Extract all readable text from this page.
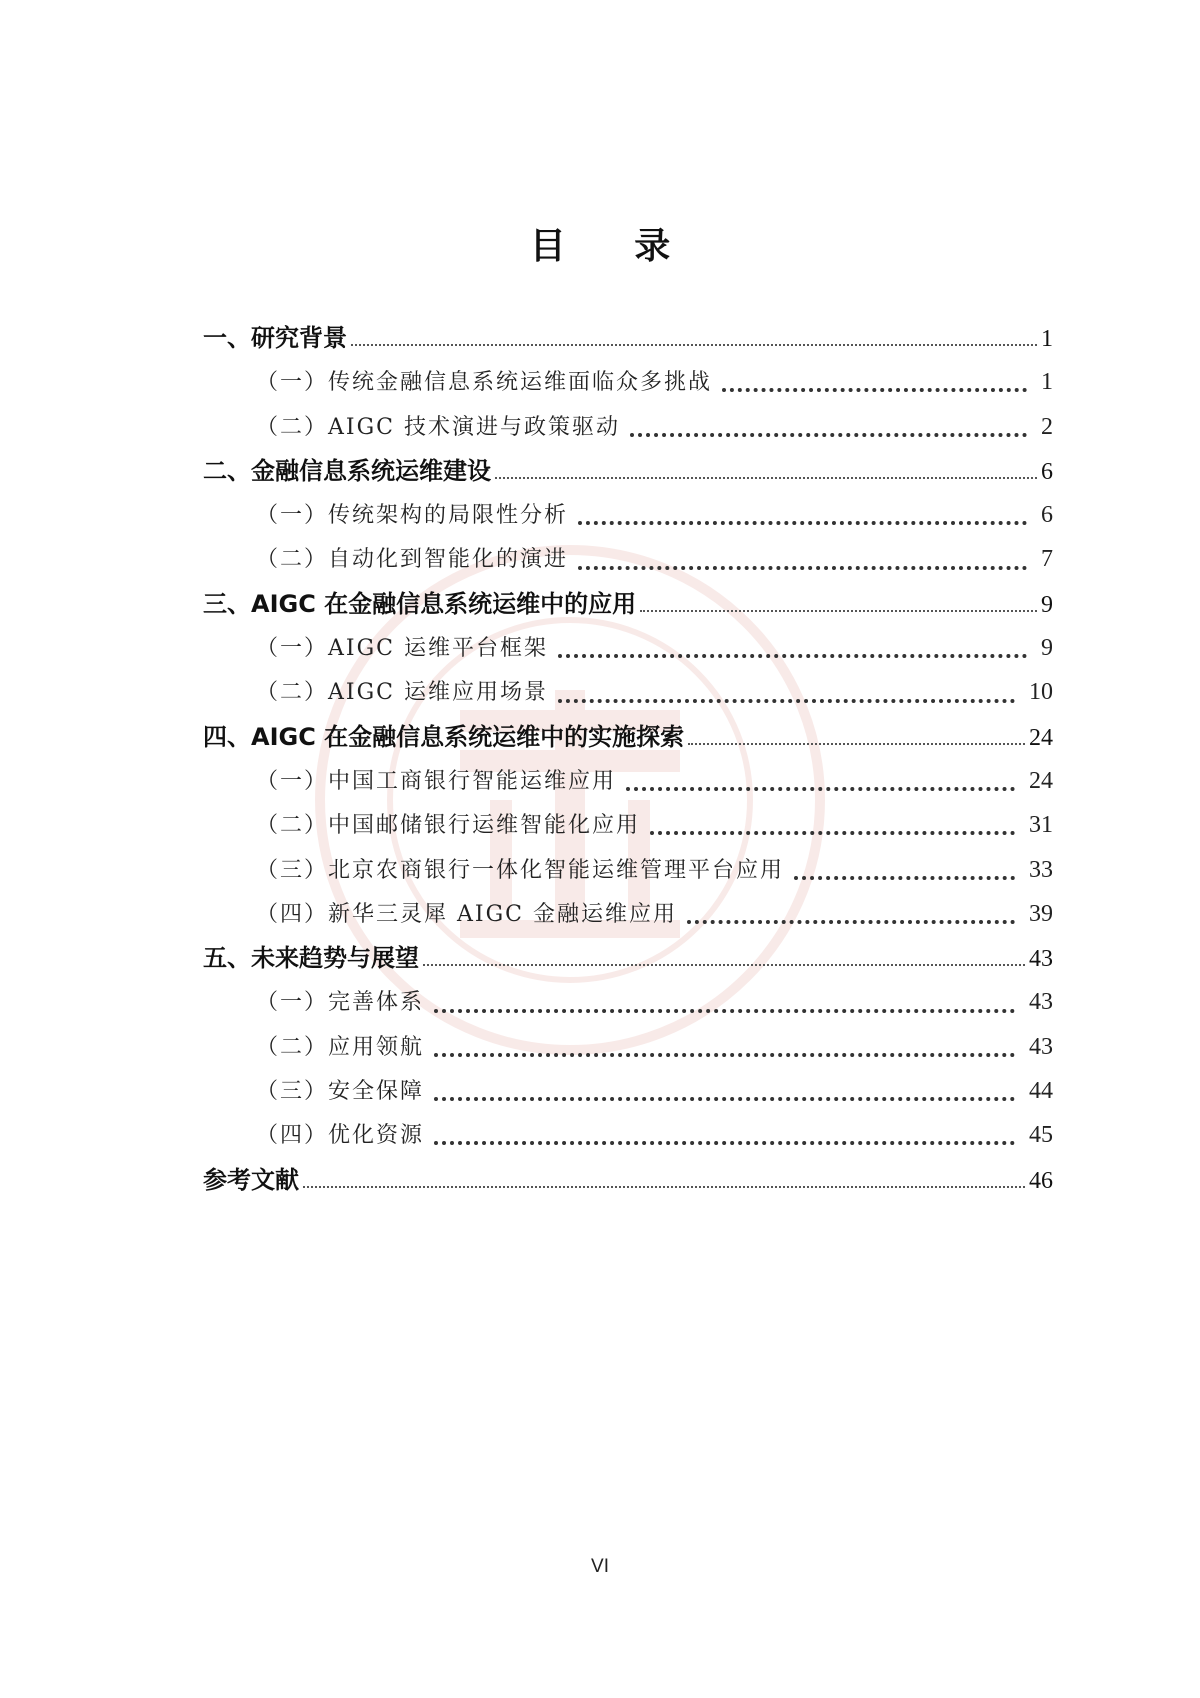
目 录
一、研究背景	1
（一）传统金融信息系统运维面临众多挑战	1
（二）AIGC 技术演进与政策驱动	2
二、金融信息系统运维建设	6
（一）传统架构的局限性分析	6
（二）自动化到智能化的演进	7
三、AIGC 在金融信息系统运维中的应用	9
（一）AIGC 运维平台框架	9
（二）AIGC 运维应用场景	10
四、AIGC 在金融信息系统运维中的实施探索	24
（一）中国工商银行智能运维应用	24
（二）中国邮储银行运维智能化应用	31
（三）北京农商银行一体化智能运维管理平台应用	33
（四）新华三灵犀 AIGC 金融运维应用	39
五、未来趋势与展望	43
（一）完善体系	43
（二）应用领航	43
（三）安全保障	44
（四）优化资源	45
参考文献	46
VI
